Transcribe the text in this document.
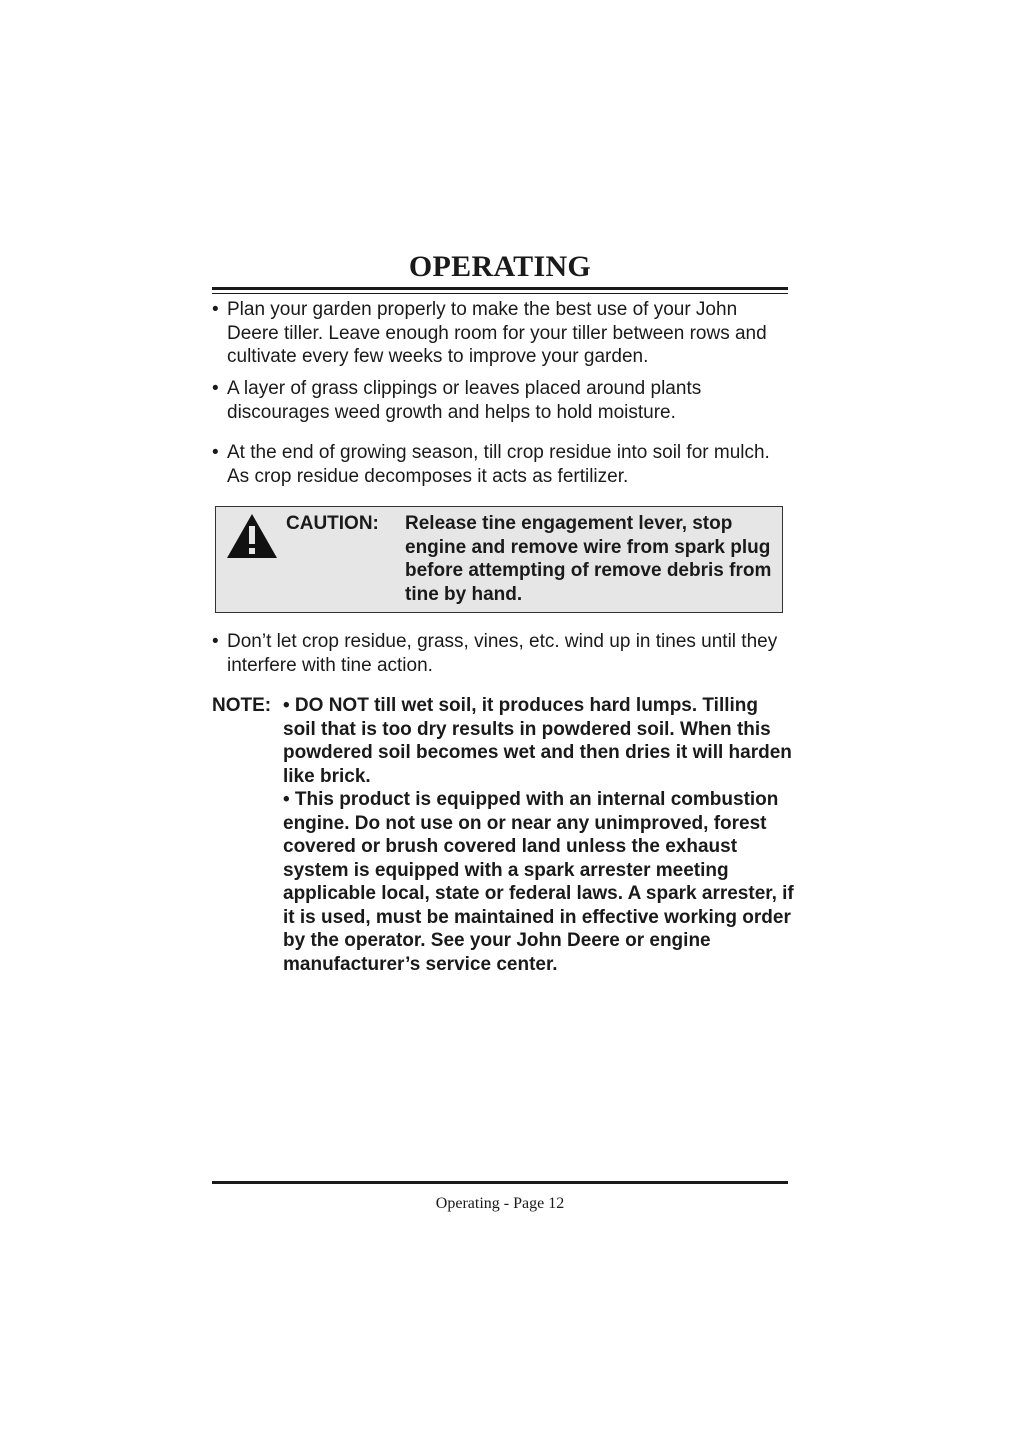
OPERATING
• Plan your garden properly to make the best use of your John Deere tiller. Leave enough room for your tiller between rows and cultivate every few weeks to improve your garden.
• A layer of grass clippings or leaves placed around plants discourages weed growth and helps to hold moisture.
• At the end of growing season, till crop residue into soil for mulch. As crop residue decomposes it acts as fertilizer.
CAUTION: Release tine engagement lever, stop engine and remove wire from spark plug before attempting of remove debris from tine by hand.
• Don’t let crop residue, grass, vines, etc. wind up in tines until they interfere with tine action.
NOTE: • DO NOT till wet soil, it produces hard lumps. Tilling
soil that is too dry results in powdered soil. When this powdered soil becomes wet and then dries it will harden like brick.
• This product is equipped with an internal combustion engine. Do not use on or near any unimproved, forest covered or brush covered land unless the exhaust system is equipped with a spark arrester meeting applicable local, state or federal laws. A spark arrester, if it is used, must be maintained in effective working order by the operator. See your John Deere or engine manufacturer’s service center.
Operating - Page 12
